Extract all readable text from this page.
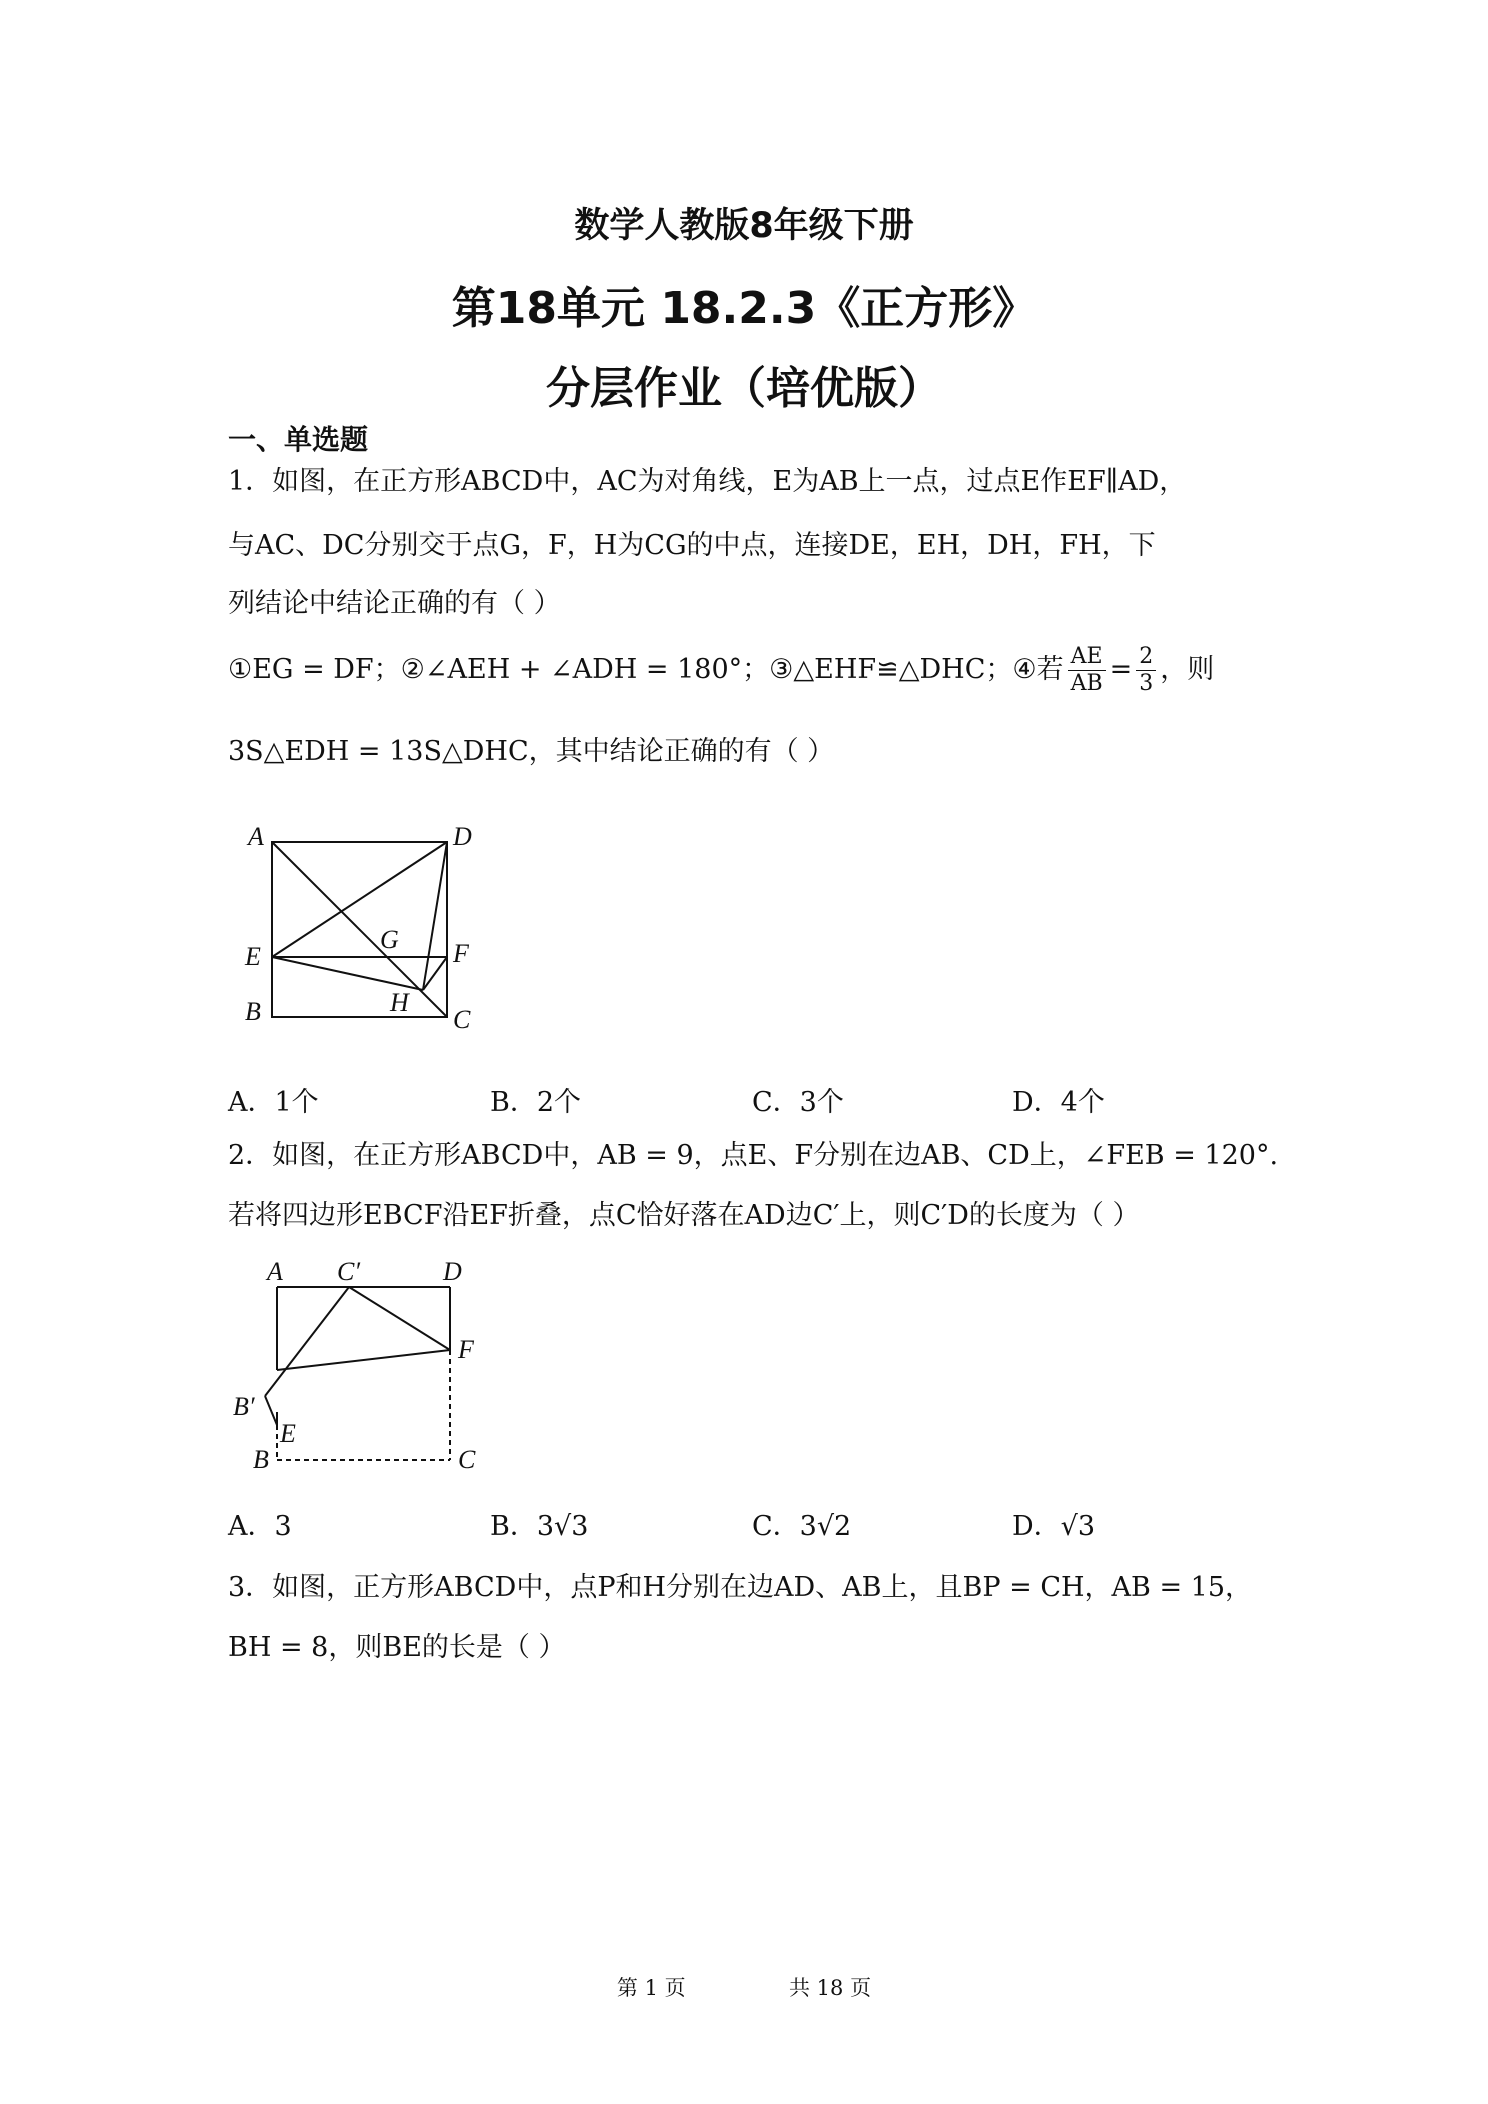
数学人教版8年级下册
第18单元 18.2.3《正方形》
分层作业（培优版）
一、单选题
1．如图，在正方形ABCD中，AC为对角线，E为AB上一点，过点E作EF∥AD，
与AC、DC分别交于点G，F，H为CG的中点，连接DE，EH，DH，FH，下
列结论中结论正确的有（ ）
①EG = DF；②∠AEH + ∠ADH = 180°；③△EHF≌△DHC；④若 $\frac{AE}{AB} = \frac{2}{3}$ ，则
3S△EDH = 13S△DHC，其中结论正确的有（ ）
A	D
E
G F
B	H
C
A．1个	B．2个	C．3个	D．4个
2．如图，在正方形ABCD中，AB = 9，点E、F分别在边AB、CD上，∠FEB = 120°.
若将四边形EBCF沿EF折叠，点C恰好落在AD边C′上，则C′D的长度为（ ）
A C′	D
F
B′
E
B	C
A．3	B．3√3	C．3√2	D．√3
3．如图，正方形ABCD中，点P和H分别在边AD、AB上，且BP = CH，AB = 15，
BH = 8，则BE的长是（ ）
第 1 页	共 18 页
